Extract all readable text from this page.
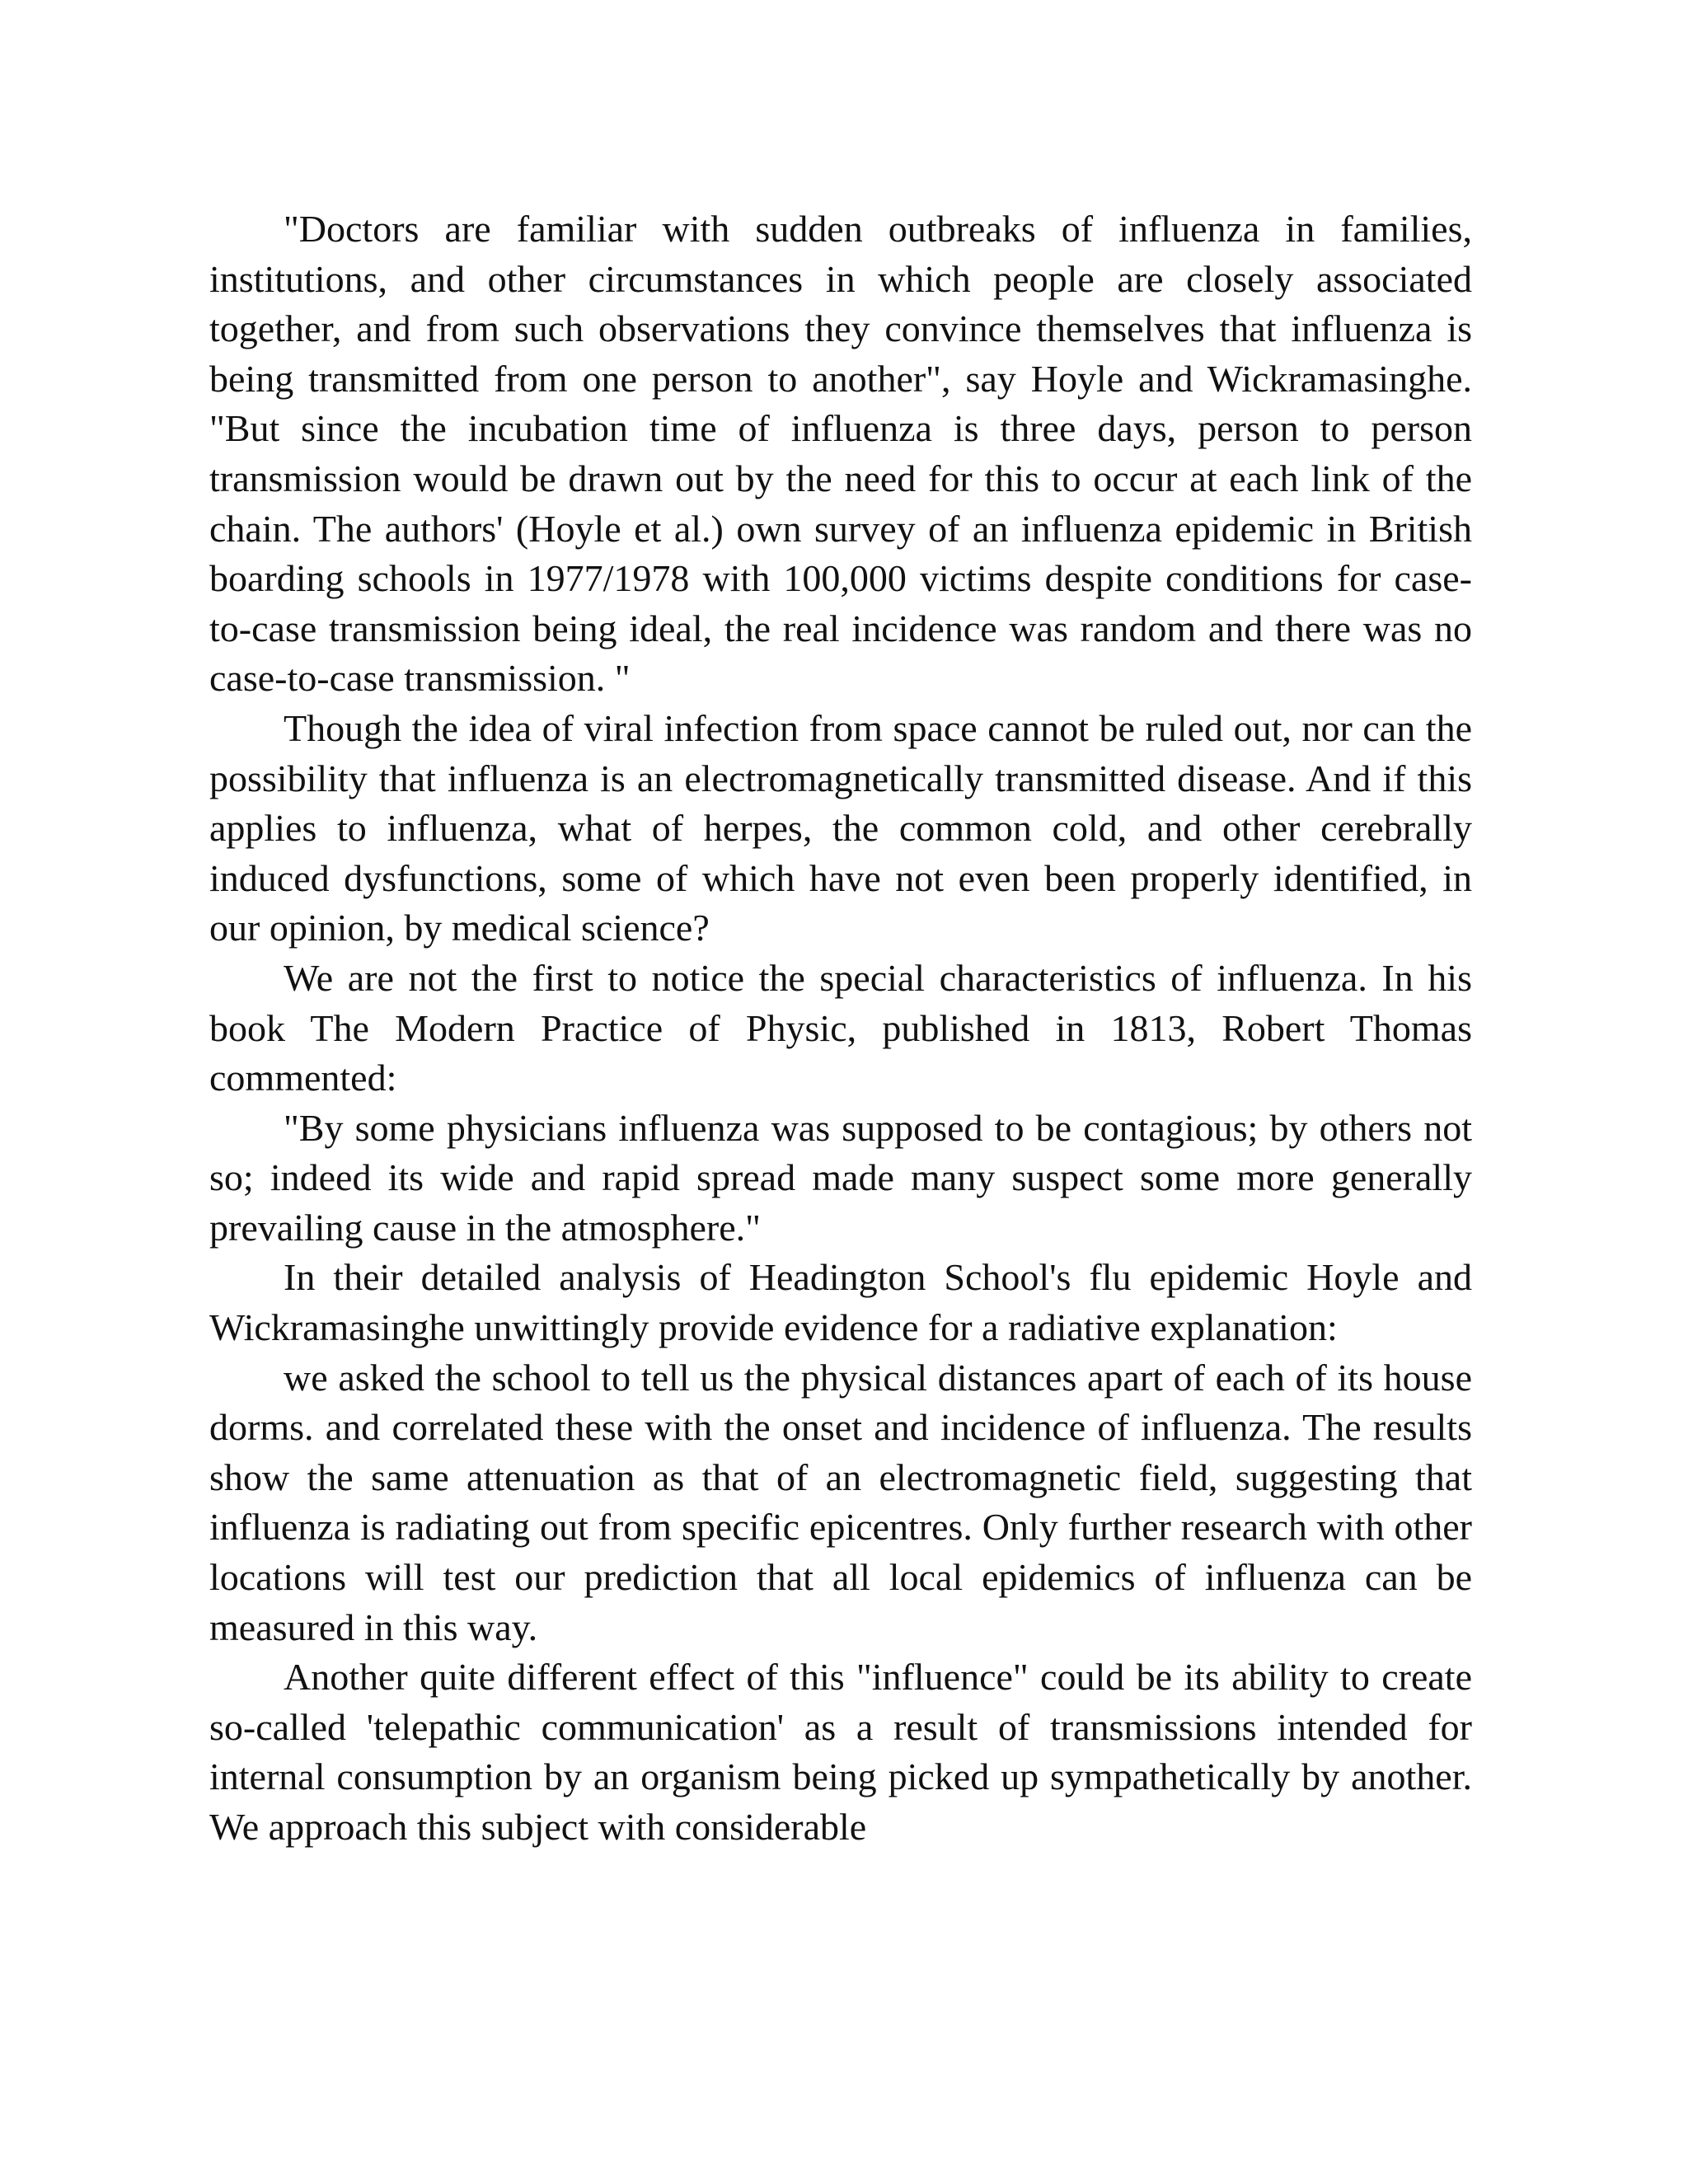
"Doctors are familiar with sudden outbreaks of influenza in families, institutions, and other circumstances in which people are closely associated together, and from such observations they convince themselves that influenza is being transmitted from one person to another", say Hoyle and Wickramasinghe. "But since the incubation time of influenza is three days, person to person transmission would be drawn out by the need for this to occur at each link of the chain. The authors' (Hoyle et al.) own survey of an influenza epidemic in British boarding schools in 1977/1978 with 100,000 victims despite conditions for case-to-case transmission being ideal, the real incidence was random and there was no case-to-case transmission. "

Though the idea of viral infection from space cannot be ruled out, nor can the possibility that influenza is an electromagnetically transmitted disease. And if this applies to influenza, what of herpes, the common cold, and other cerebrally induced dysfunctions, some of which have not even been properly identified, in our opinion, by medical science?

We are not the first to notice the special characteristics of influenza. In his book The Modern Practice of Physic, published in 1813, Robert Thomas commented:

"By some physicians influenza was supposed to be contagious; by others not so; indeed its wide and rapid spread made many suspect some more generally prevailing cause in the atmosphere."

In their detailed analysis of Headington School's flu epidemic Hoyle and Wickramasinghe unwittingly provide evidence for a radiative explanation:

we asked the school to tell us the physical distances apart of each of its house dorms. and correlated these with the onset and incidence of influenza. The results show the same attenuation as that of an electromagnetic field, suggesting that influenza is radiating out from specific epicentres. Only further research with other locations will test our prediction that all local epidemics of influenza can be measured in this way.

Another quite different effect of this "influence" could be its ability to create so-called 'telepathic communication' as a result of transmissions intended for internal consumption by an organism being picked up sympathetically by another. We approach this subject with considerable
